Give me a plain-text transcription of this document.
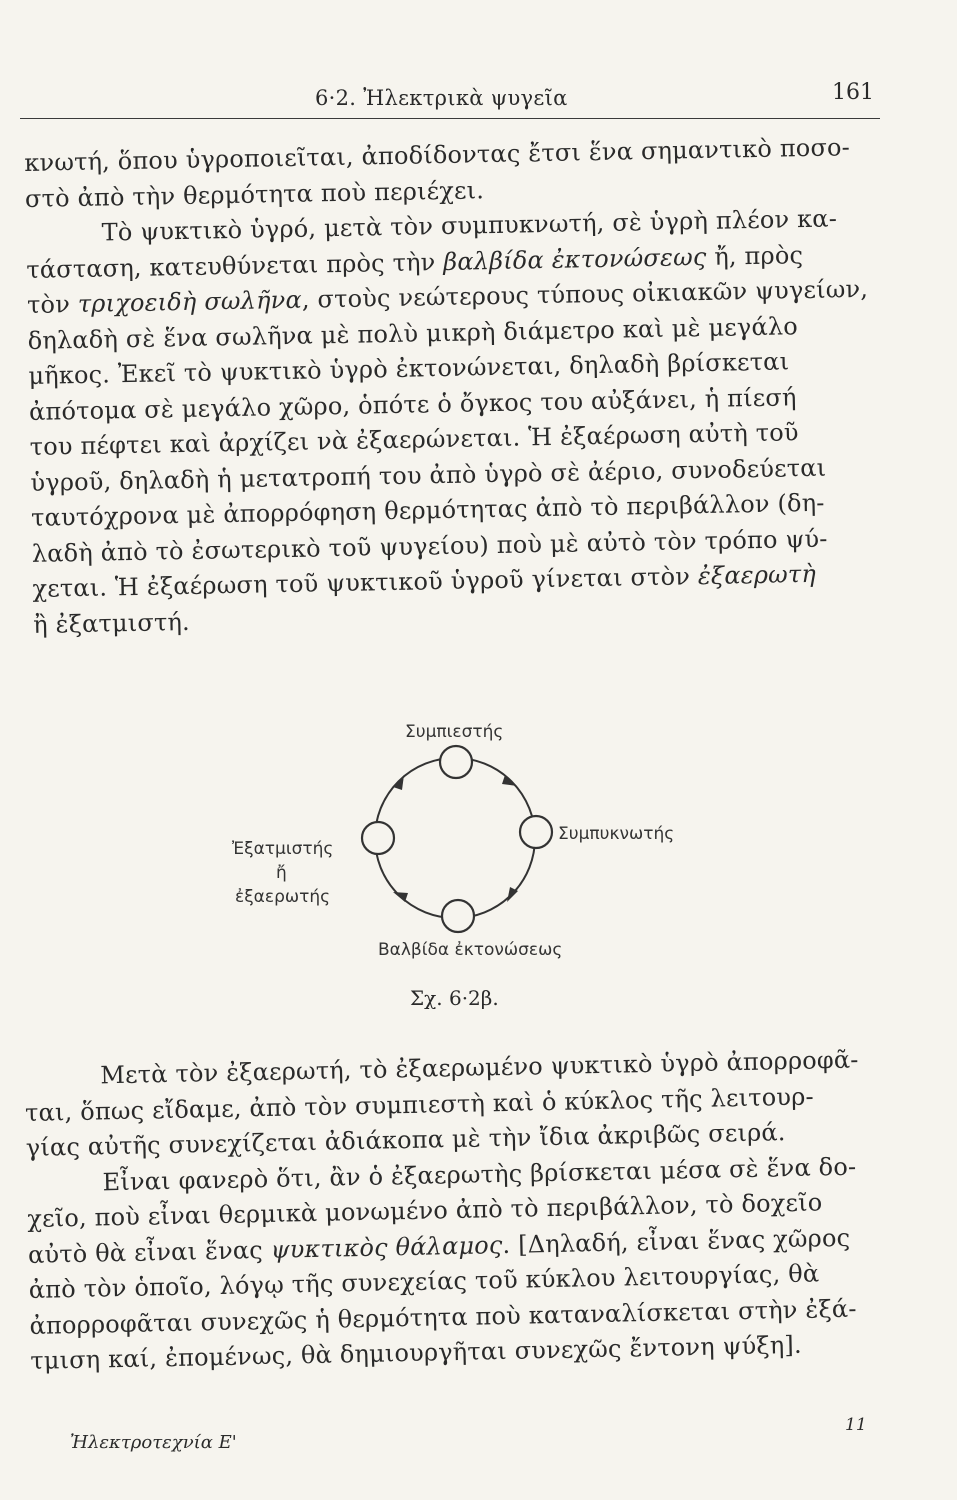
6·2. Ἠλεκτρικὰ ψυγεῖα	161
κνωτή, ὅπου ὑγροποιεῖται, ἀποδίδοντας ἔτσι ἕνα σημαντικὸ ποσο-
στὸ ἀπὸ τὴν θερμότητα ποὺ περιέχει.
Τὸ ψυκτικὸ ὑγρό, μετὰ τὸν συμπυκνωτή, σὲ ὑγρὴ πλέον κα-
τάσταση, κατευθύνεται πρὸς τὴν βαλβίδα ἐκτονώσεως ἤ, πρὸς
τὸν τριχοειδὴ σωλῆνα, στοὺς νεώτερους τύπους οἰκιακῶν ψυγείων,
δηλαδὴ σὲ ἕνα σωλῆνα μὲ πολὺ μικρὴ διάμετρο καὶ μὲ μεγάλο
μῆκος. Ἐκεῖ τὸ ψυκτικὸ ὑγρὸ ἐκτονώνεται, δηλαδὴ βρίσκεται
ἀπότομα σὲ μεγάλο χῶρο, ὁπότε ὁ ὄγκος του αὐξάνει, ἡ πίεσή
του πέφτει καὶ ἀρχίζει νὰ ἐξαερώνεται. Ἡ ἐξαέρωση αὐτὴ τοῦ
ὑγροῦ, δηλαδὴ ἡ μετατροπή του ἀπὸ ὑγρὸ σὲ ἀέριο, συνοδεύεται
ταυτόχρονα μὲ ἀπορρόφηση θερμότητας ἀπὸ τὸ περιβάλλον (δη-
λαδὴ ἀπὸ τὸ ἐσωτερικὸ τοῦ ψυγείου) ποὺ μὲ αὐτὸ τὸν τρόπο ψύ-
χεται. Ἡ ἐξαέρωση τοῦ ψυκτικοῦ ὑγροῦ γίνεται στὸν ἐξαερωτὴ
ἢ ἐξατμιστή.
Συμπιεστής
Συμπυκνωτής
Ἐξατμιστής
ἤ
ἐξαερωτής
Βαλβίδα ἐκτονώσεως
Σχ. 6·2β.
Μετὰ τὸν ἐξαερωτή, τὸ ἐξαερωμένο ψυκτικὸ ὑγρὸ ἀπορροφᾶ-
ται, ὅπως εἴδαμε, ἀπὸ τὸν συμπιεστὴ καὶ ὁ κύκλος τῆς λειτουρ-
γίας αὐτῆς συνεχίζεται ἀδιάκοπα μὲ τὴν ἴδια ἀκριβῶς σειρά.
Εἶναι φανερὸ ὅτι, ἂν ὁ ἐξαερωτὴς βρίσκεται μέσα σὲ ἕνα δο-
χεῖο, ποὺ εἶναι θερμικὰ μονωμένο ἀπὸ τὸ περιβάλλον, τὸ δοχεῖο
αὐτὸ θὰ εἶναι ἕνας ψυκτικὸς θάλαμος. [Δηλαδή, εἶναι ἕνας χῶρος
ἀπὸ τὸν ὁποῖο, λόγῳ τῆς συνεχείας τοῦ κύκλου λειτουργίας, θὰ
ἀπορροφᾶται συνεχῶς ἡ θερμότητα ποὺ καταναλίσκεται στὴν ἐξά-
τμιση καί, ἐπομένως, θὰ δημιουργῆται συνεχῶς ἔντονη ψύξη].
Ἠλεκτροτεχνία Ε'
11
